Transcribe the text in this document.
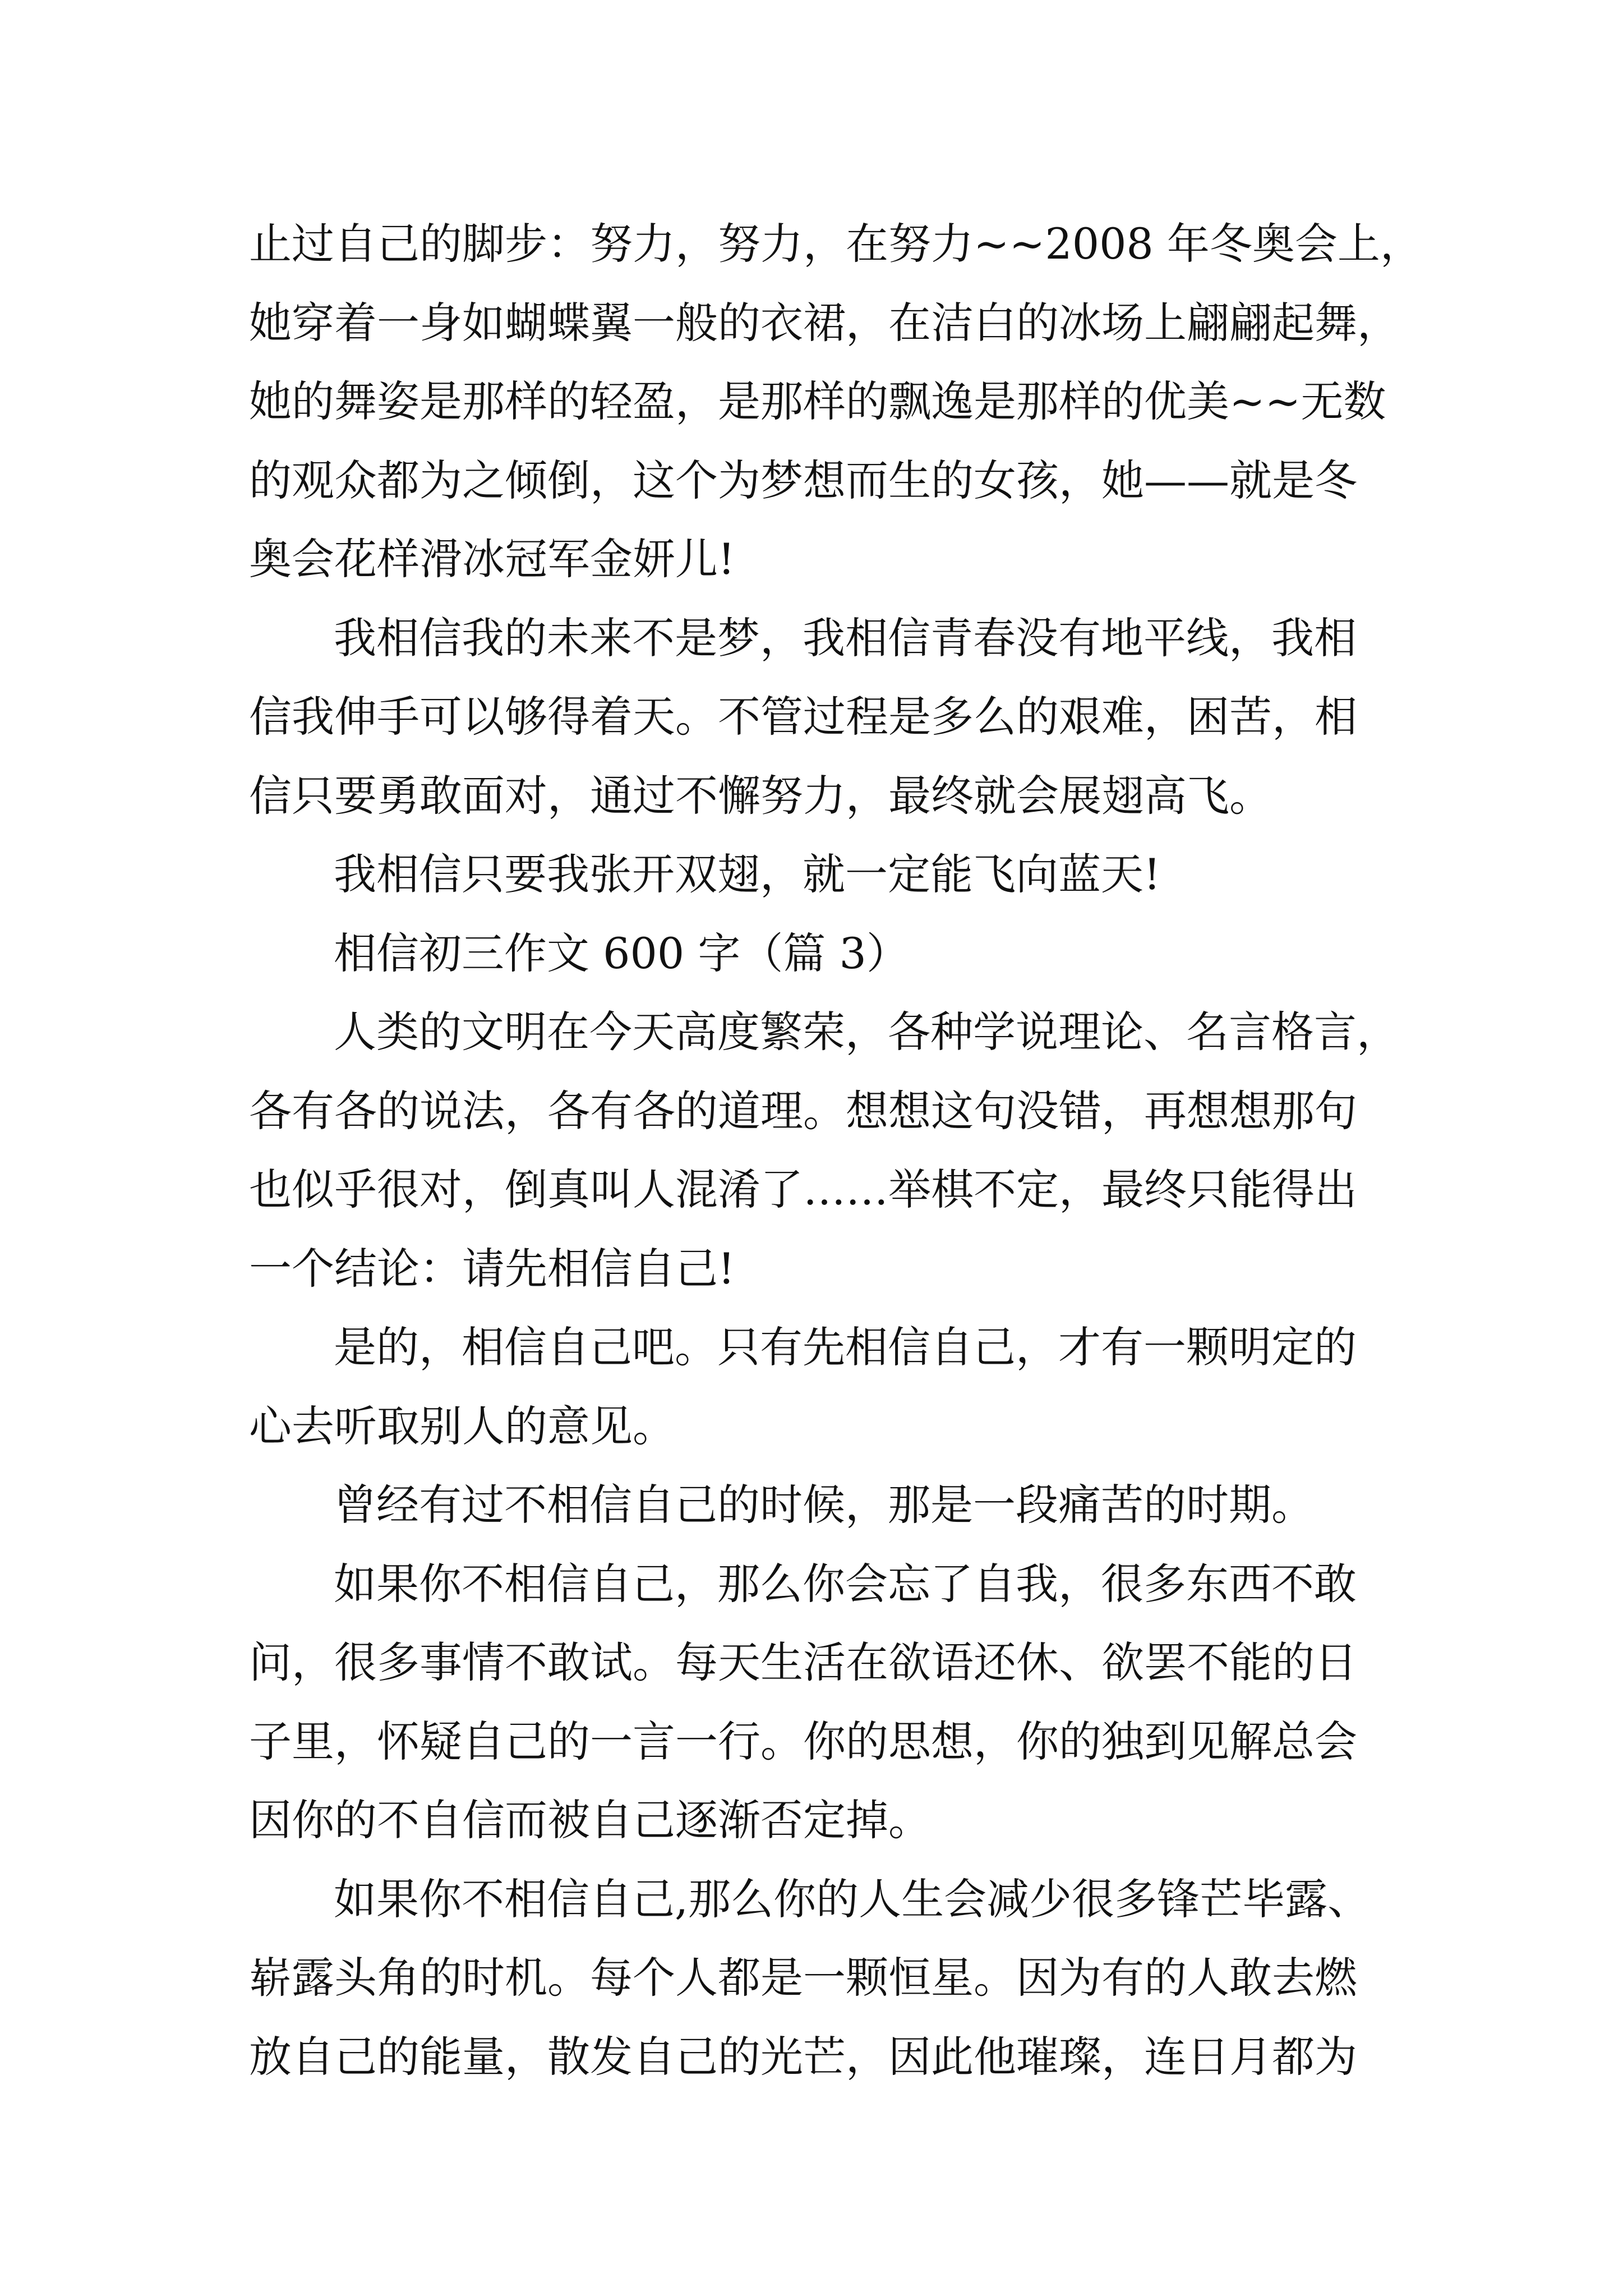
止过自己的脚步：努力，努力，在努力~~2008 年冬奥会上，

她穿着一身如蝴蝶翼一般的衣裙，在洁白的冰场上翩翩起舞，

她的舞姿是那样的轻盈，是那样的飘逸是那样的优美~~无数

的观众都为之倾倒，这个为梦想而生的女孩，她——就是冬

奥会花样滑冰冠军金妍儿!

我相信我的未来不是梦，我相信青春没有地平线，我相

信我伸手可以够得着天。不管过程是多么的艰难，困苦，相

信只要勇敢面对，通过不懈努力，最终就会展翅高飞。

我相信只要我张开双翅，就一定能飞向蓝天!

相信初三作文 600 字（篇 3）

人类的文明在今天高度繁荣，各种学说理论、名言格言，

各有各的说法，各有各的道理。想想这句没错，再想想那句

也似乎很对，倒真叫人混淆了……举棋不定，最终只能得出

一个结论：请先相信自己!

是的，相信自己吧。只有先相信自己，才有一颗明定的

心去听取别人的意见。

曾经有过不相信自己的时候，那是一段痛苦的时期。

如果你不相信自己，那么你会忘了自我，很多东西不敢

问，很多事情不敢试。每天生活在欲语还休、欲罢不能的日

子里，怀疑自己的一言一行。你的思想，你的独到见解总会

因你的不自信而被自己逐渐否定掉。

如果你不相信自己,那么你的人生会减少很多锋芒毕露、

崭露头角的时机。每个人都是一颗恒星。因为有的人敢去燃

放自己的能量，散发自己的光芒，因此他璀璨，连日月都为
